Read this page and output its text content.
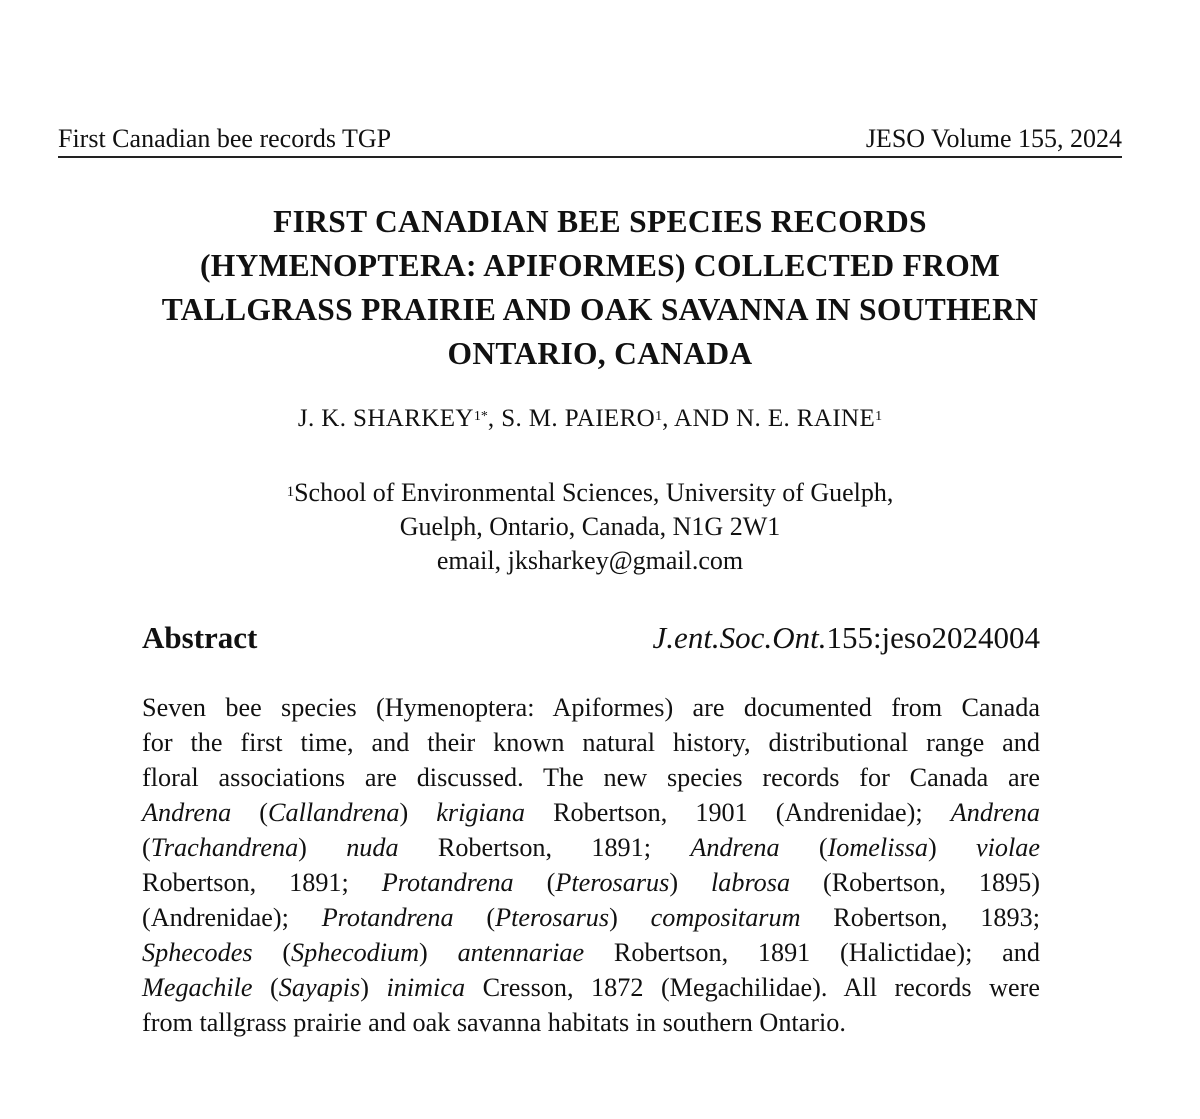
First Canadian bee records TGP	JESO Volume 155, 2024
FIRST CANADIAN BEE SPECIES RECORDS
(HYMENOPTERA: APIFORMES) COLLECTED FROM
TALLGRASS PRAIRIE AND OAK SAVANNA IN SOUTHERN
ONTARIO, CANADA
J. K. $SHARKEY^{1*}$, S. M. PAIERO$^1$, AND N. E. RAINE$^1$
$^1$School of Environmental Sciences, University of Guelph,
Guelph, Ontario, Canada, N1G 2W1
email, jksharkey@gmail.com
Abstract	J.ent.Soc.Ont.155:jeso2024004
Seven bee species (Hymenoptera: Apiformes) are documented from Canada
for the first time, and their known natural history, distributional range and
floral associations are discussed. The new species records for Canada are
Andrena (Callandrena) krigiana Robertson, 1901 (Andrenidae); Andrena
(Trachandrena) nuda Robertson, 1891; Andrena (Iomelissa) violae
Robertson, 1891; Protandrena (Pterosarus) labrosa (Robertson, 1895)
(Andrenidae); Protandrena (Pterosarus) compositarum Robertson, 1893;
Sphecodes (Sphecodium) antennariae Robertson, 1891 (Halictidae); and
Megachile (Sayapis) inimica Cresson, 1872 (Megachilidae). All records were
from tallgrass prairie and oak savanna habitats in southern Ontario.
